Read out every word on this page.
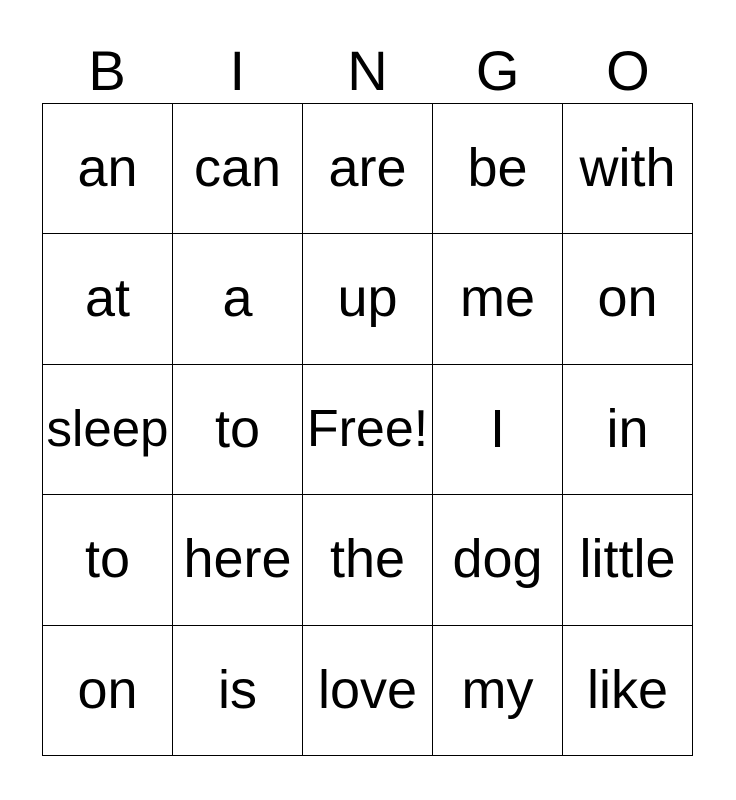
B	I	N	G	O
an	can	are	be	with
at	a	up	me	on
sleep	to	Free!	I	in
to	here	the	dog	little
on	is	love	my	like
